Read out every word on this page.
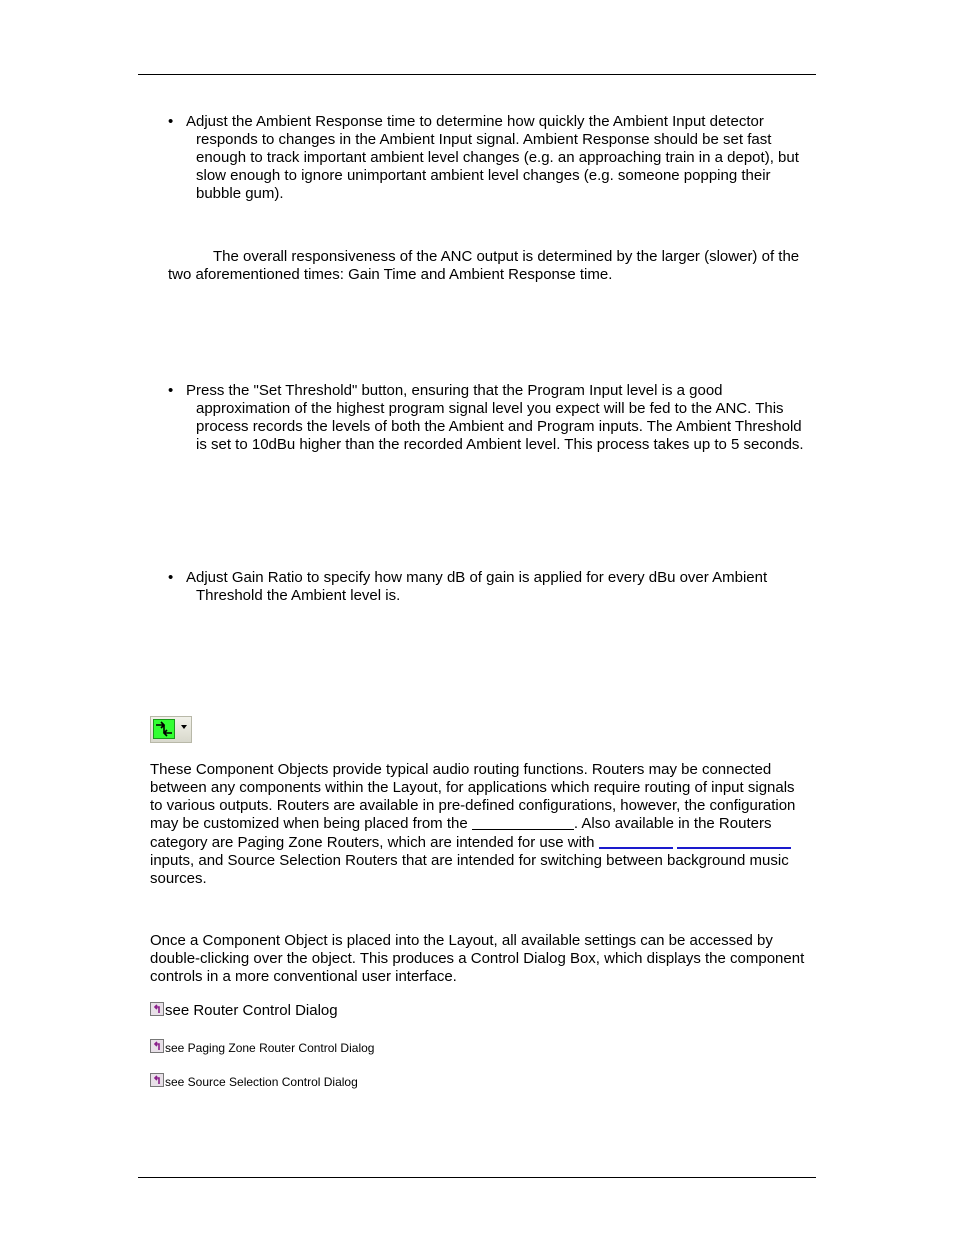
• Adjust the Ambient Response time to determine how quickly the Ambient Input detector responds to changes in the Ambient Input signal. Ambient Response should be set fast enough to track important ambient level changes (e.g. an approaching train in a depot), but slow enough to ignore unimportant ambient level changes (e.g. someone popping their bubble gum).
The overall responsiveness of the ANC output is determined by the larger (slower) of the two aforementioned times: Gain Time and Ambient Response time.
• Press the "Set Threshold" button, ensuring that the Program Input level is a good approximation of the highest program signal level you expect will be fed to the ANC. This process records the levels of both the Ambient and Program inputs. The Ambient Threshold is set to 10dBu higher than the recorded Ambient level. This process takes up to 5 seconds.
• Adjust Gain Ratio to specify how many dB of gain is applied for every dBu over Ambient Threshold the Ambient level is.
These Component Objects provide typical audio routing functions. Routers may be connected between any components within the Layout, for applications which require routing of input signals to various outputs. Routers are available in pre-defined configurations, however, the configuration may be customized when being placed from the	. Also available in the Routers category are Paging Zone Routers, which are intended for use with   inputs, and Source Selection Routers that are intended for switching between background music sources.
Once a Component Object is placed into the Layout, all available settings can be accessed by double-clicking over the object. This produces a Control Dialog Box, which displays the component controls in a more conventional user interface.
see Router Control Dialog
see Paging Zone Router Control Dialog
see Source Selection Control Dialog
